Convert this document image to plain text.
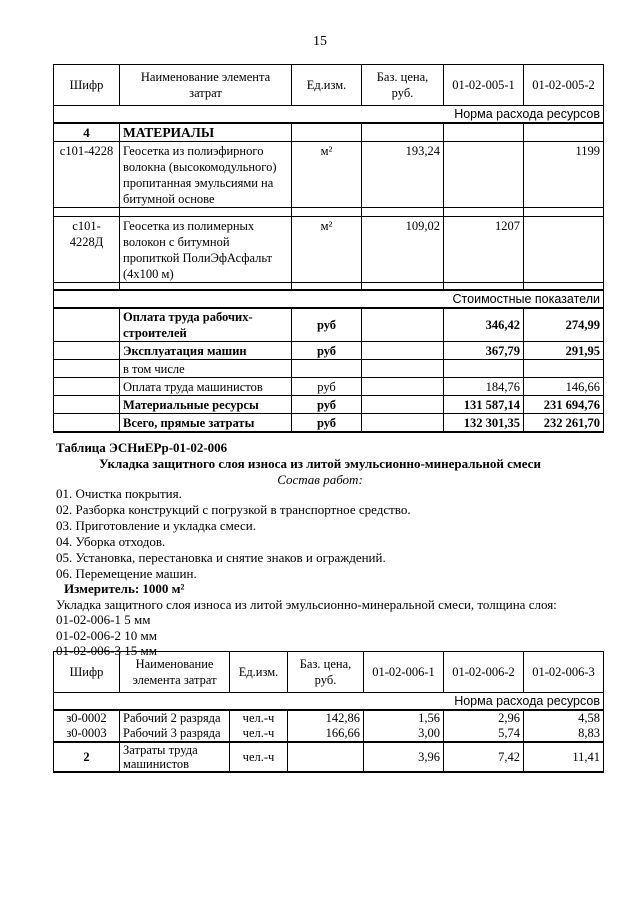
15
Шифр	Наименование элемента затрат	Ед.изм.	Баз. цена, руб.	01-02-005-1	01-02-005-2
Норма расхода ресурсов					
4	МАТЕРИАЛЫ				
с101-4228	Геосетка из полиэфирного волокна (высокомодульного) пропитанная эмульсиями на битумной основе	м²	193,24		1199

с101-4228Д	Геосетка из полимерных волокон с битумной пропиткой ПолиЭфАсфальт (4х100 м)	м²	109,02	1207	

Стоимостные показатели					
	Оплата труда рабочих-строителей	руб		346,42	274,99
	Эксплуатация машин	руб		367,79	291,95
	в том числе				
	Оплата труда машинистов	руб		184,76	146,66
	Материальные ресурсы	руб		131 587,14	231 694,76
	Всего, прямые затраты	руб		132 301,35	232 261,70
Таблица ЭСНиЕРр-01-02-006
Укладка защитного слоя износа из литой эмульсионно-минеральной смеси
Состав работ:
01. Очистка покрытия.
02. Разборка конструкций с погрузкой в транспортное средство.
03. Приготовление и укладка смеси.
04. Уборка отходов.
05. Установка, перестановка и снятие знаков и ограждений.
06. Перемещение машин.
Измеритель: 1000 м²
Укладка защитного слоя износа из литой эмульсионно-минеральной смеси, толщина слоя:
01-02-006-1 5 мм
01-02-006-2 10 мм
01-02-006-3 15 мм
Шифр	Наименование элемента затрат	Ед.изм.	Баз. цена, руб.	01-02-006-1	01-02-006-2	01-02-006-3
Норма расхода ресурсов						
з0-0002	Рабочий 2 разряда	чел.-ч	142,86	1,56	2,96	4,58
з0-0003	Рабочий 3 разряда	чел.-ч	166,66	3,00	5,74	8,83
2	Затраты труда машинистов	чел.-ч		3,96	7,42	11,41
